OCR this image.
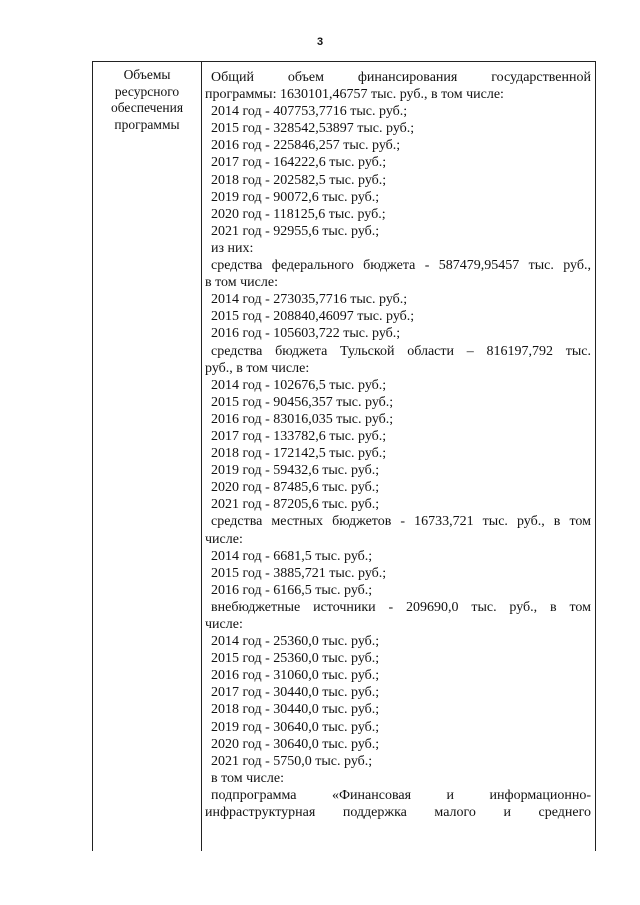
3
Объемы
ресурсного
обеспечения
программы
Общий объем финансирования государственной
программы: 1630101,46757 тыс. руб., в том числе:
2014 год - 407753,7716 тыс. руб.;
2015 год - 328542,53897 тыс. руб.;
2016 год - 225846,257 тыс. руб.;
2017 год - 164222,6 тыс. руб.;
2018 год - 202582,5 тыс. руб.;
2019 год - 90072,6 тыс. руб.;
2020 год - 118125,6 тыс. руб.;
2021 год - 92955,6 тыс. руб.;
из них:
средства федерального бюджета - 587479,95457 тыс. руб.,
в том числе:
2014 год - 273035,7716 тыс. руб.;
2015 год - 208840,46097 тыс. руб.;
2016 год - 105603,722 тыс. руб.;
средства бюджета Тульской области – 816197,792 тыс.
руб., в том числе:
2014 год - 102676,5 тыс. руб.;
2015 год - 90456,357 тыс. руб.;
2016 год - 83016,035 тыс. руб.;
2017 год - 133782,6 тыс. руб.;
2018 год - 172142,5 тыс. руб.;
2019 год - 59432,6 тыс. руб.;
2020 год - 87485,6 тыс. руб.;
2021 год - 87205,6 тыс. руб.;
средства местных бюджетов - 16733,721 тыс. руб., в том
числе:
2014 год - 6681,5 тыс. руб.;
2015 год - 3885,721 тыс. руб.;
2016 год - 6166,5 тыс. руб.;
внебюджетные источники - 209690,0 тыс. руб., в том
числе:
2014 год - 25360,0 тыс. руб.;
2015 год - 25360,0 тыс. руб.;
2016 год - 31060,0 тыс. руб.;
2017 год - 30440,0 тыс. руб.;
2018 год - 30440,0 тыс. руб.;
2019 год - 30640,0 тыс. руб.;
2020 год - 30640,0 тыс. руб.;
2021 год - 5750,0 тыс. руб.;
в том числе:
подпрограмма «Финансовая и информационно-
инфраструктурная поддержка малого и среднего
